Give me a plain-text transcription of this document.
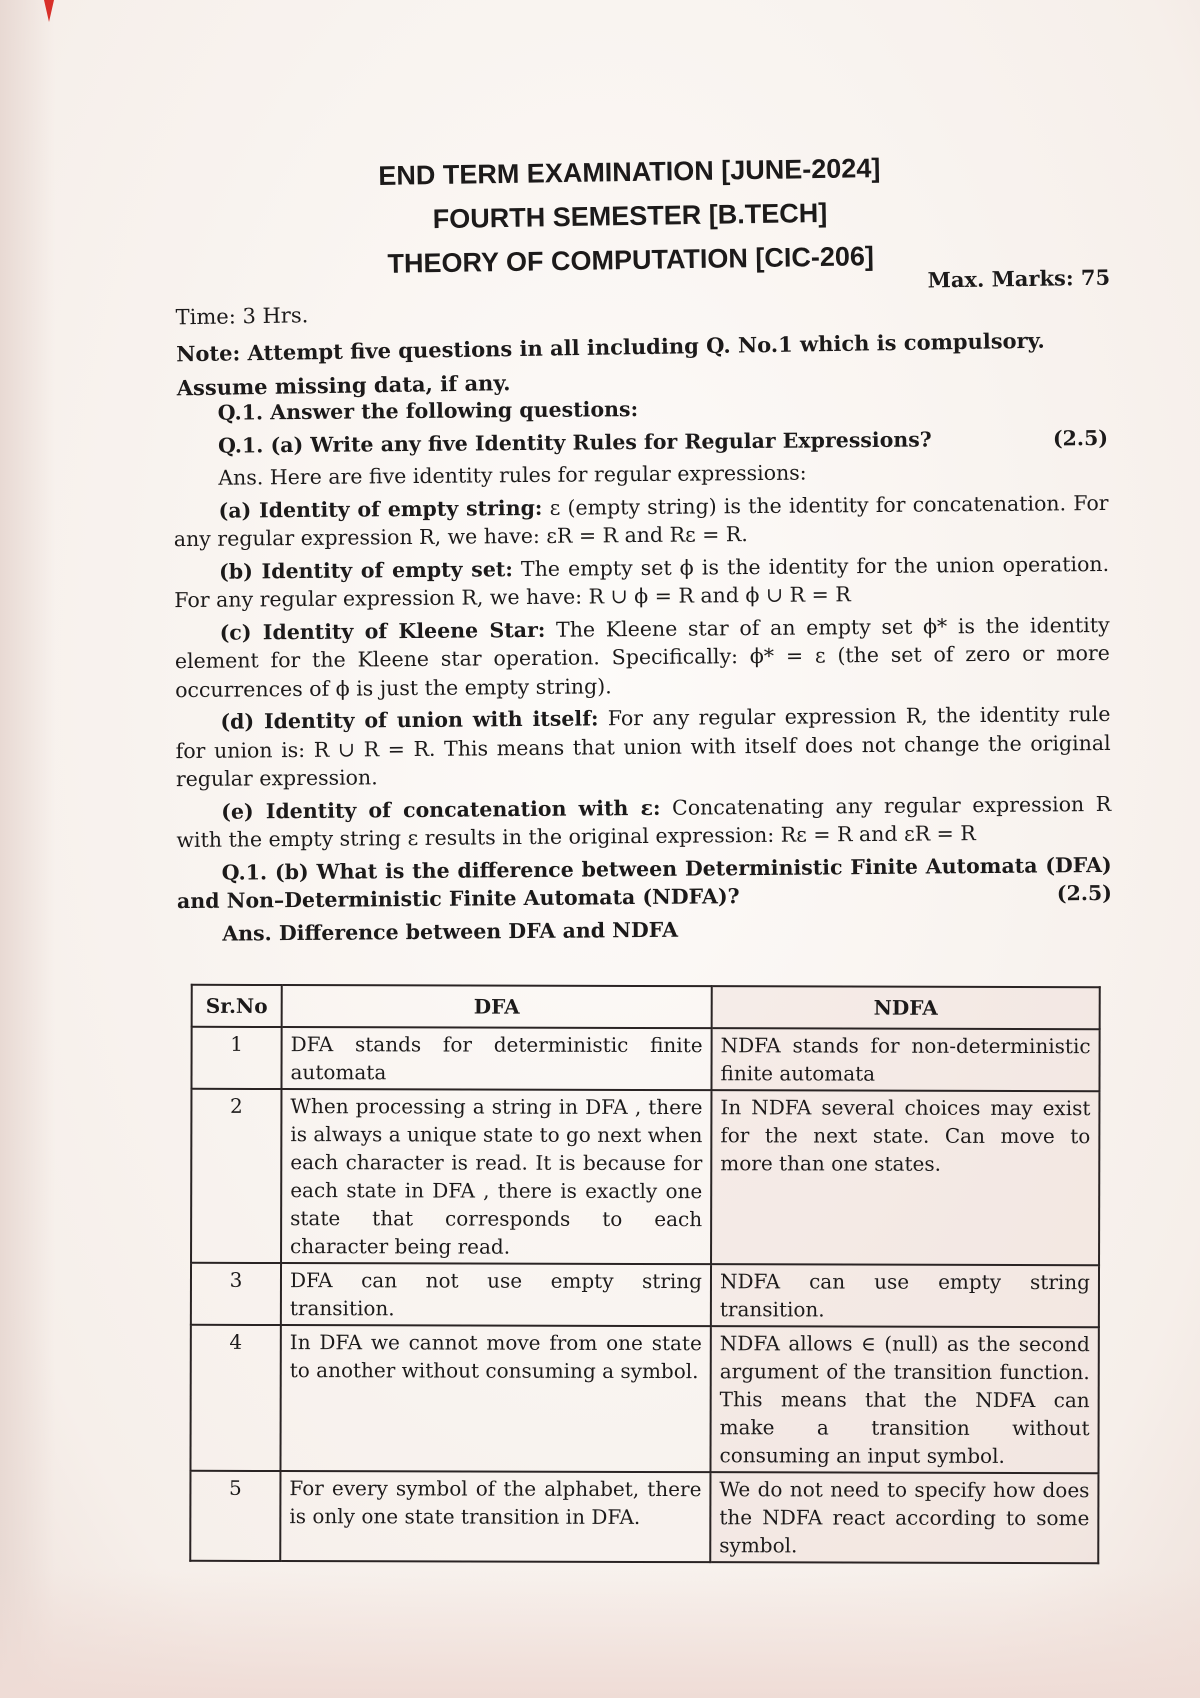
END TERM EXAMINATION [JUNE-2024]
FOURTH SEMESTER [B.TECH]
THEORY OF COMPUTATION [CIC-206]	Max. Marks: 75
Time: 3 Hrs.
Note: Attempt five questions in all including Q. No.1 which is compulsory.
Assume missing data, if any.

Q.1. Answer the following questions:

Q.1. (a) Write any five Identity Rules for Regular Expressions?	(2.5)

Ans. Here are five identity rules for regular expressions:

(a) Identity of empty string: ε (empty string) is the identity for concatenation. For any regular expression R, we have: εR = R and Rε = R.

(b) Identity of empty set: The empty set ϕ is the identity for the union operation. For any regular expression R, we have: R ∪ ϕ = R and ϕ ∪ R = R

(c) Identity of Kleene Star: The Kleene star of an empty set ϕ* is the identity element for the Kleene star operation. Specifically: ϕ* = ε (the set of zero or more occurrences of ϕ is just the empty string).

(d) Identity of union with itself: For any regular expression R, the identity rule for union is: R ∪ R = R. This means that union with itself does not change the original regular expression.

(e) Identity of concatenation with ε: Concatenating any regular expression R with the empty string ε results in the original expression: Rε = R and εR = R

Q.1. (b) What is the difference between Deterministic Finite Automata (DFA) and Non–Deterministic Finite Automata (NDFA)?	(2.5)

Ans. Difference between DFA and NDFA

Sr.No	DFA	NDFA
1	DFA stands for deterministic finite automata	NDFA stands for non-deterministic finite automata
2	When processing a string in DFA , there is always a unique state to go next when each character is read. It is because for each state in DFA , there is exactly one state that corresponds to each character being read.	In NDFA several choices may exist for the next state. Can move to more than one states.
3	DFA can not use empty string transition.	NDFA can use empty string transition.
4	In DFA we cannot move from one state to another without consuming a symbol.	NDFA allows ∈ (null) as the second argument of the transition function. This means that the NDFA can make a transition without consuming an input symbol.
5	For every symbol of the alphabet, there is only one state transition in DFA.	We do not need to specify how does the NDFA react according to some symbol.
